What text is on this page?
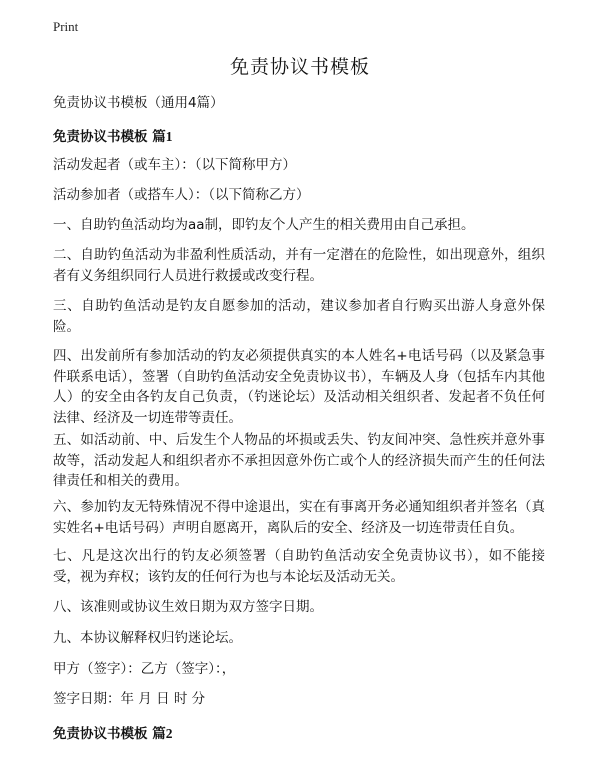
Print
免责协议书模板

免责协议书模板（通用4篇）

免责协议书模板 篇1

活动发起者（或车主）：（以下简称甲方）

活动参加者（或搭车人）：（以下简称乙方）

一、自助钓鱼活动均为aa制，即钓友个人产生的相关费用由自己承担。

二、自助钓鱼活动为非盈利性质活动，并有一定潜在的危险性，如出现意外，组织者有义务组织同行人员进行救援或改变行程。

三、自助钓鱼活动是钓友自愿参加的活动，建议参加者自行购买出游人身意外保险。

四、出发前所有参加活动的钓友必须提供真实的本人姓名+电话号码（以及紧急事件联系电话），签署（自助钓鱼活动安全免责协议书），车辆及人身（包括车内其他人）的安全由各钓友自己负责，（钓迷论坛）及活动相关组织者、发起者不负任何法律、经济及一切连带等责任。

五、如活动前、中、后发生个人物品的坏损或丢失、钓友间冲突、急性疾并意外事故等，活动发起人和组织者亦不承担因意外伤亡或个人的经济损失而产生的任何法律责任和相关的费用。

六、参加钓友无特殊情况不得中途退出，实在有事离开务必通知组织者并签名（真实姓名+电话号码）声明自愿离开，离队后的安全、经济及一切连带责任自负。

七、凡是这次出行的钓友必须签署（自助钓鱼活动安全免责协议书），如不能接受，视为弃权；该钓友的任何行为也与本论坛及活动无关。

八、该准则或协议生效日期为双方签字日期。

九、本协议解释权归钓迷论坛。

甲方（签字）：乙方（签字）：，

签字日期：年 月 日 时 分

免责协议书模板 篇2
